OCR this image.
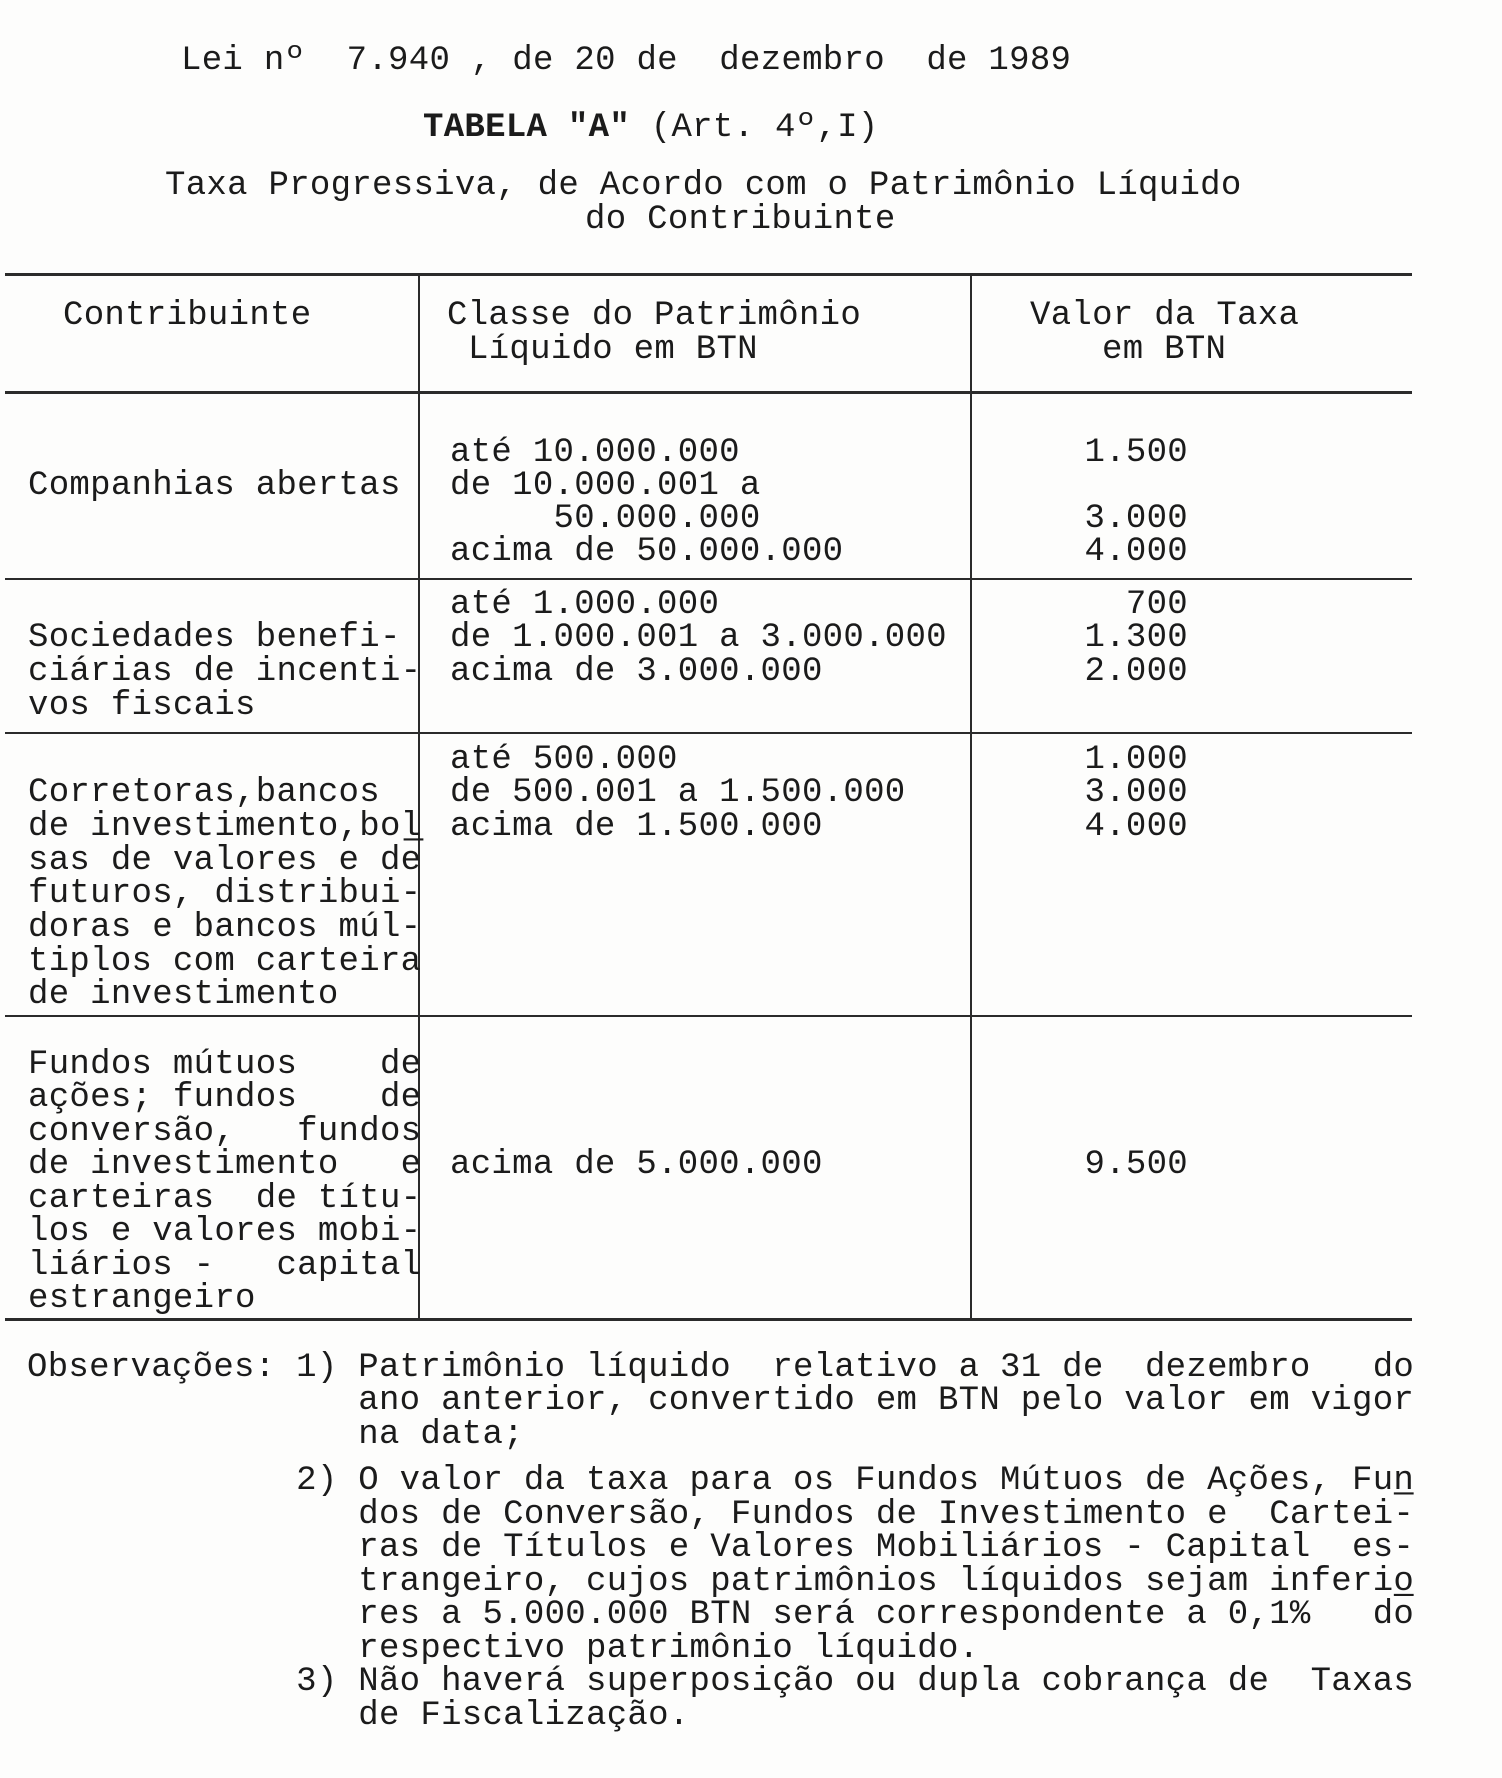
Lei nº  7.940 , de 20 de  dezembro  de 1989
TABELA "A" (Art. 4º,I)
Taxa Progressiva, de Acordo com o Patrimônio Líquido
do Contribuinte
Contribuinte	Classe do Patrimônio
Líquido em BTN
Valor da Taxa
em BTN
Companhias abertas
até 10.000.000
de 10.000.001 a
50.000.000
acima de 50.000.000
1.500
3.000
4.000
Sociedades benefi-
ciárias de incenti-
vos fiscais
até 1.000.000
de 1.000.001 a 3.000.000
acima de 3.000.000
700
1.300
2.000
Corretoras,bancos
de investimento,bol̲
sas de valores e de
futuros, distribui-
doras e bancos múl-
tiplos com carteira
de investimento
até 500.000
de 500.001 a 1.500.000
acima de 1.500.000
1.000
3.000
4.000
Fundos mútuos    de
ações; fundos    de
conversão,   fundos
de investimento   e
carteiras  de títu-
los e valores mobi-
liários -   capital
estrangeiro
acima de 5.000.000	9.500
Observações: 1) Patrimônio líquido  relativo a 31 de  dezembro   do
ano anterior, convertido em BTN pelo valor em vigor
na data;
2) O valor da taxa para os Fundos Mútuos de Ações, Fun̲
dos de Conversão, Fundos de Investimento e  Cartei-
ras de Títulos e Valores Mobiliários - Capital  es-
trangeiro, cujos patrimônios líquidos sejam inferio̲
res a 5.000.000 BTN será correspondente a 0,1%   do
respectivo patrimônio líquido.
3) Não haverá superposição ou dupla cobrança de  Taxas
de Fiscalização.
